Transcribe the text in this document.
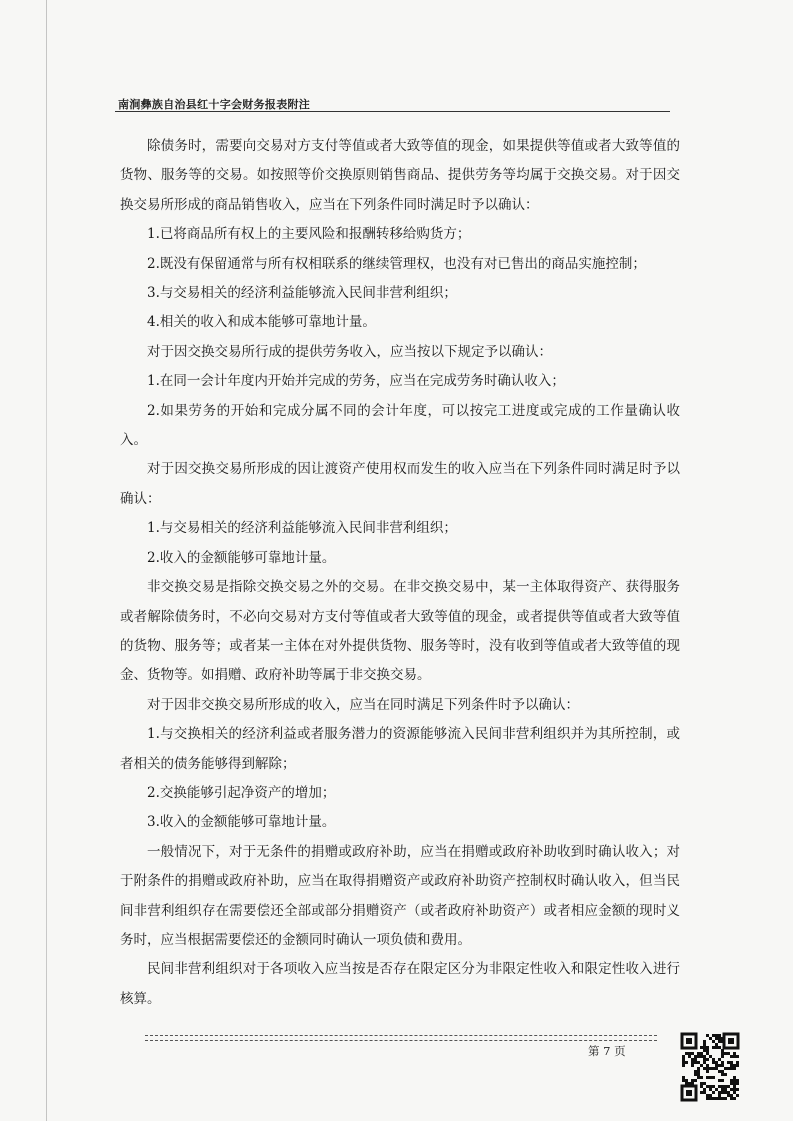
南涧彝族自治县红十字会财务报表附注

除债务时，需要向交易对方支付等值或者大致等值的现金，如果提供等值或者大致等值的货物、服务等的交易。如按照等价交换原则销售商品、提供劳务等均属于交换交易。对于因交换交易所形成的商品销售收入，应当在下列条件同时满足时予以确认：

1.已将商品所有权上的主要风险和报酬转移给购货方；

2.既没有保留通常与所有权相联系的继续管理权，也没有对已售出的商品实施控制；

3.与交易相关的经济利益能够流入民间非营利组织；

4.相关的收入和成本能够可靠地计量。

对于因交换交易所行成的提供劳务收入，应当按以下规定予以确认：

1.在同一会计年度内开始并完成的劳务，应当在完成劳务时确认收入；

2.如果劳务的开始和完成分属不同的会计年度，可以按完工进度或完成的工作量确认收入。

对于因交换交易所形成的因让渡资产使用权而发生的收入应当在下列条件同时满足时予以确认：

1.与交易相关的经济利益能够流入民间非营利组织；

2.收入的金额能够可靠地计量。

非交换交易是指除交换交易之外的交易。在非交换交易中，某一主体取得资产、获得服务或者解除债务时，不必向交易对方支付等值或者大致等值的现金，或者提供等值或者大致等值的货物、服务等；或者某一主体在对外提供货物、服务等时，没有收到等值或者大致等值的现金、货物等。如捐赠、政府补助等属于非交换交易。

对于因非交换交易所形成的收入，应当在同时满足下列条件时予以确认：

1.与交换相关的经济利益或者服务潜力的资源能够流入民间非营利组织并为其所控制，或者相关的债务能够得到解除；

2.交换能够引起净资产的增加；

3.收入的金额能够可靠地计量。

一般情况下，对于无条件的捐赠或政府补助，应当在捐赠或政府补助收到时确认收入；对于附条件的捐赠或政府补助，应当在取得捐赠资产或政府补助资产控制权时确认收入，但当民间非营利组织存在需要偿还全部或部分捐赠资产（或者政府补助资产）或者相应金额的现时义务时，应当根据需要偿还的金额同时确认一项负债和费用。

民间非营利组织对于各项收入应当按是否存在限定区分为非限定性收入和限定性收入进行核算。

第 7 页
